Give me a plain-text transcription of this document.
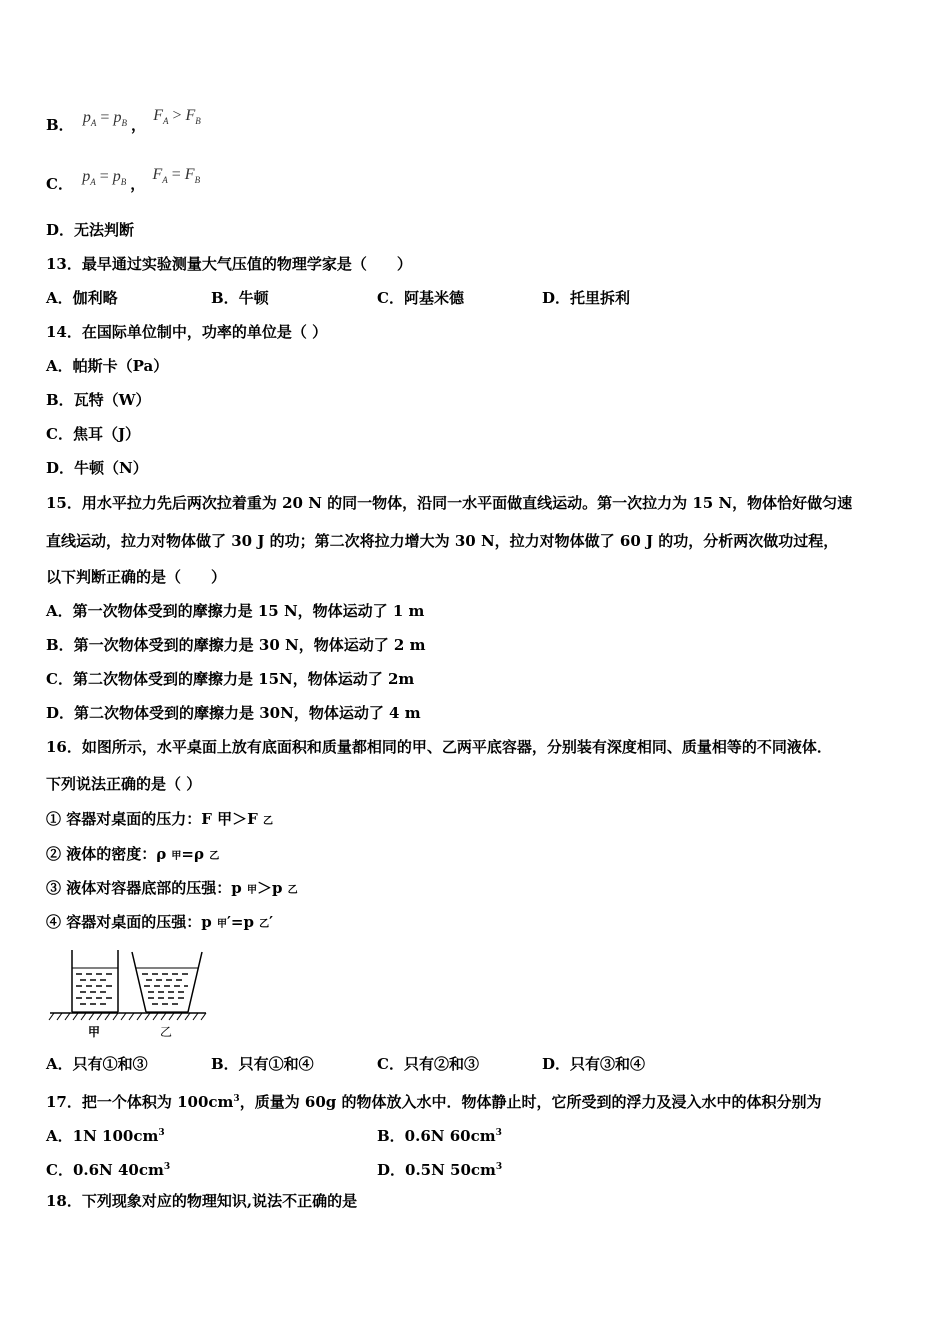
B． $p_A = p_B$ ， $F_A > F_B$
C． $p_A = p_B$ ， $F_A = F_B$
D．无法判断
13．最早通过实验测量大气压值的物理学家是（　　）
A．伽利略	B．牛顿	C．阿基米德	D．托里拆利
14．在国际单位制中，功率的单位是（ ）
A．帕斯卡（Pa）
B．瓦特（W）
C．焦耳（J）
D．牛顿（N）
15．用水平拉力先后两次拉着重为 20 N 的同一物体，沿同一水平面做直线运动。第一次拉力为 15 N，物体恰好做匀速
直线运动，拉力对物体做了 30 J 的功；第二次将拉力增大为 30 N，拉力对物体做了 60 J 的功，分析两次做功过程，
以下判断正确的是（　　）
A．第一次物体受到的摩擦力是 15 N，物体运动了 1 m
B．第一次物体受到的摩擦力是 30 N，物体运动了 2 m
C．第二次物体受到的摩擦力是 15N，物体运动了 2m
D．第二次物体受到的摩擦力是 30N，物体运动了 4 m
16．如图所示，水平桌面上放有底面积和质量都相同的甲、乙两平底容器，分别装有深度相同、质量相等的不同液体．
下列说法正确的是（ ）
① 容器对桌面的压力：F 甲＞F 乙
② 液体的密度：ρ 甲=ρ 乙
③ 液体对容器底部的压强：p 甲＞p 乙
④ 容器对桌面的压强：p 甲′=p 乙′
甲	乙
A．只有①和③	B．只有①和④	C．只有②和③	D．只有③和④
17．把一个体积为 $100cm^3$，质量为 60g 的物体放入水中．物体静止时，它所受到的浮力及浸入水中的体积分别为
A．1N $100cm^3$	B．0.6N $60cm^3$
C．0.6N $40cm^3$	D．0.5N $50cm^3$
18．下列现象对应的物理知识,说法不正确的是
